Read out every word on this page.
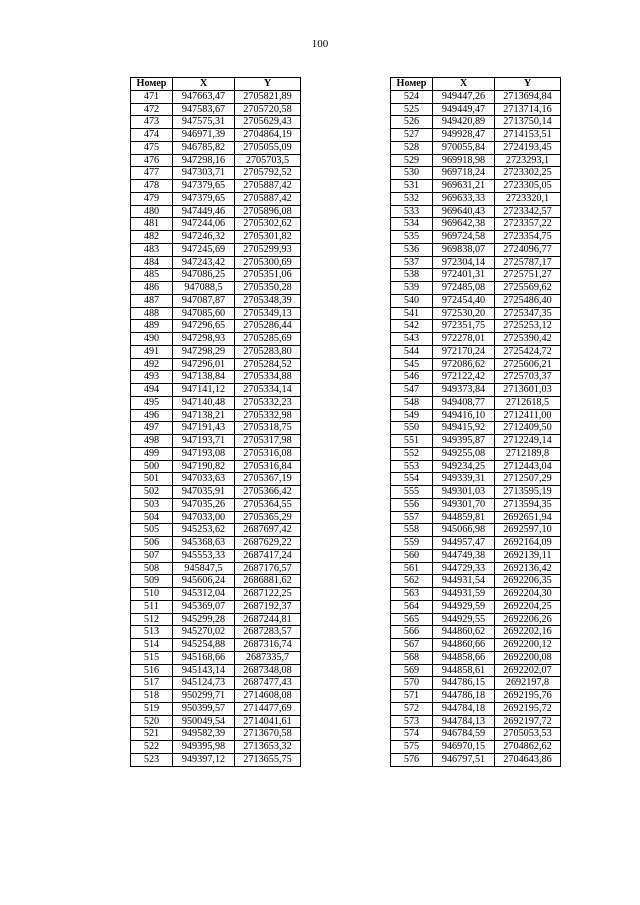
100
Номер	X	Y
471	947663,47	2705821,89
472	947583,67	2705720,58
473	947575,31	2705629,43
474	946971,39	2704864,19
475	946785,82	2705055,09
476	947298,16	2705703,5
477	947303,71	2705792,52
478	947379,65	2705887,42
479	947379,65	2705887,42
480	947449,46	2705896,08
481	947244,06	2705302,62
482	947246,32	2705301,82
483	947245,69	2705299,93
484	947243,42	2705300,69
485	947086,25	2705351,06
486	947088,5	2705350,28
487	947087,87	2705348,39
488	947085,60	2705349,13
489	947296,65	2705286,44
490	947298,93	2705285,69
491	947298,29	2705283,80
492	947296,01	2705284,52
493	947138,84	2705334,88
494	947141,12	2705334,14
495	947140,48	2705332,23
496	947138,21	2705332,98
497	947191,43	2705318,75
498	947193,71	2705317,98
499	947193,08	2705316,08
500	947190,82	2705316,84
501	947033,63	2705367,19
502	947035,91	2705366,42
503	947035,26	2705364,55
504	947033,00	2705365,29
505	945253,62	2687697,42
506	945368,63	2687629,22
507	945553,33	2687417,24
508	945847,5	2687176,57
509	945606,24	2686881,62
510	945312,04	2687122,25
511	945369,07	2687192,37
512	945299,28	2687244,81
513	945270,02	2687283,57
514	945254,88	2687316,74
515	945168,66	2687335,7
516	945143,14	2687348,08
517	945124,73	2687477,43
518	950299,71	2714608,08
519	950399,57	2714477,69
520	950049,54	2714041,61
521	949582,39	2713670,58
522	949395,98	2713653,32
523	949397,12	2713655,75
Номер	X	Y
524	949447,26	2713694,84
525	949449,47	2713714,16
526	949420,89	2713750,14
527	949928,47	2714153,51
528	970055,84	2724193,45
529	969918,98	2723293,1
530	969718,24	2723302,25
531	969631,21	2723305,05
532	969633,33	2723320,1
533	969640,43	2723342,57
534	969642,38	2723357,22
535	969724,58	2723354,75
536	969838,07	2724096,77
537	972304,14	2725787,17
538	972401,31	2725751,27
539	972485,08	2725569,62
540	972454,40	2725486,40
541	972530,20	2725347,35
542	972351,75	2725253,12
543	972278,01	2725390,42
544	972170,24	2725424,72
545	972086,62	2725606,21
546	972122,42	2725703,37
547	949373,84	2713601,03
548	949408,77	2712618,5
549	949416,10	2712411,00
550	949415,92	2712409,50
551	949395,87	2712249,14
552	949255,08	2712189,8
553	949234,25	2712443,04
554	949339,31	2712507,29
555	949301,03	2713595,19
556	949301,70	2713594,35
557	944859,81	2692651,94
558	945066,98	2692597,10
559	944957,47	2692164,09
560	944749,38	2692139,11
561	944729,33	2692136,42
562	944931,54	2692206,35
563	944931,59	2692204,30
564	944929,59	2692204,25
565	944929,55	2692206,26
566	944860,62	2692202,16
567	944860,66	2692200,12
568	944858,66	2692200,08
569	944858,61	2692202,07
570	944786,15	2692197,8
571	944786,18	2692195,76
572	944784,18	2692195,72
573	944784,13	2692197,72
574	946784,59	2705053,53
575	946970,15	2704862,62
576	946797,51	2704643,86
